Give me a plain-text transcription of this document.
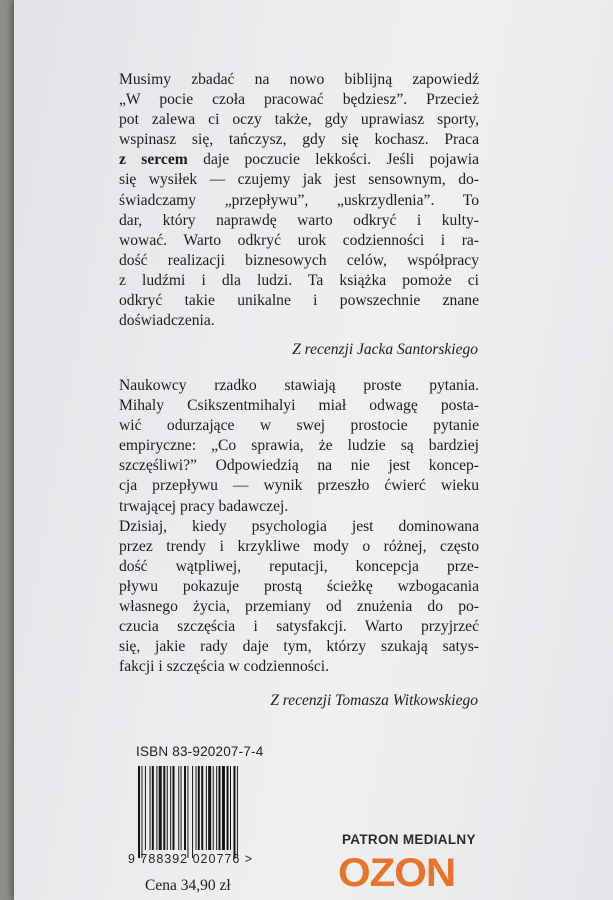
Musimy zbadać na nowo biblijną zapowiedź
„W pocie czoła pracować będziesz”. Przecież
pot zalewa ci oczy także, gdy uprawiasz sporty,
wspinasz się, tańczysz, gdy się kochasz. Praca
z sercem daje poczucie lekkości. Jeśli pojawia
się wysiłek — czujemy jak jest sensownym, do-
świadczamy „przepływu”, „uskrzydlenia”. To
dar, który naprawdę warto odkryć i kulty-
wować. Warto odkryć urok codzienności i ra-
dość realizacji biznesowych celów, współpracy
z ludźmi i dla ludzi. Ta książka pomoże ci
odkryć takie unikalne i powszechnie znane
doświadczenia.
Z recenzji Jacka Santorskiego
Naukowcy rzadko stawiają proste pytania.
Mihaly Csikszentmihalyi miał odwagę posta-
wić odurzające w swej prostocie pytanie
empiryczne: „Co sprawia, że ludzie są bardziej
szczęśliwi?” Odpowiedzią na nie jest koncep-
cja przepływu — wynik przeszło ćwierć wieku
trwającej pracy badawczej.
Dzisiaj, kiedy psychologia jest dominowana
przez trendy i krzykliwe mody o różnej, często
dość wątpliwej, reputacji, koncepcja prze-
pływu pokazuje prostą ścieżkę wzbogacania
własnego życia, przemiany od znużenia do po-
czucia szczęścia i satysfakcji. Warto przyjrzeć
się, jakie rady daje tym, którzy szukają satys-
fakcji i szczęścia w codzienności.
Z recenzji Tomasza Witkowskiego
ISBN 83-920207-7-4
9 788392 020776 >
Cena 34,90 zł
PATRON MEDIALNY
OZON
